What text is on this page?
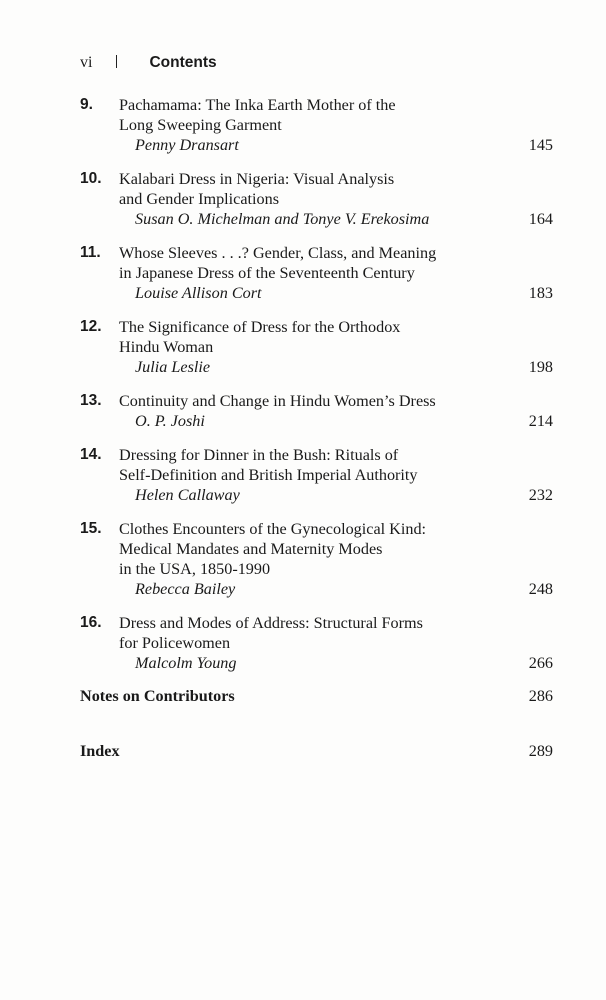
vi	Contents
9. Pachamama: The Inka Earth Mother of the
Long Sweeping Garment
Penny Dransart	145
10. Kalabari Dress in Nigeria: Visual Analysis
and Gender Implications
Susan O. Michelman and Tonye V. Erekosima	164
11. Whose Sleeves . . .? Gender, Class, and Meaning
in Japanese Dress of the Seventeenth Century
Louise Allison Cort	183
12. The Significance of Dress for the Orthodox
Hindu Woman
Julia Leslie	198
13. Continuity and Change in Hindu Women’s Dress
O. P. Joshi	214
14. Dressing for Dinner in the Bush: Rituals of
Self-Definition and British Imperial Authority
Helen Callaway	232
15. Clothes Encounters of the Gynecological Kind:
Medical Mandates and Maternity Modes
in the USA, 1850-1990
Rebecca Bailey	248
16. Dress and Modes of Address: Structural Forms
for Policewomen
Malcolm Young	266
Notes on Contributors	286
Index	289
